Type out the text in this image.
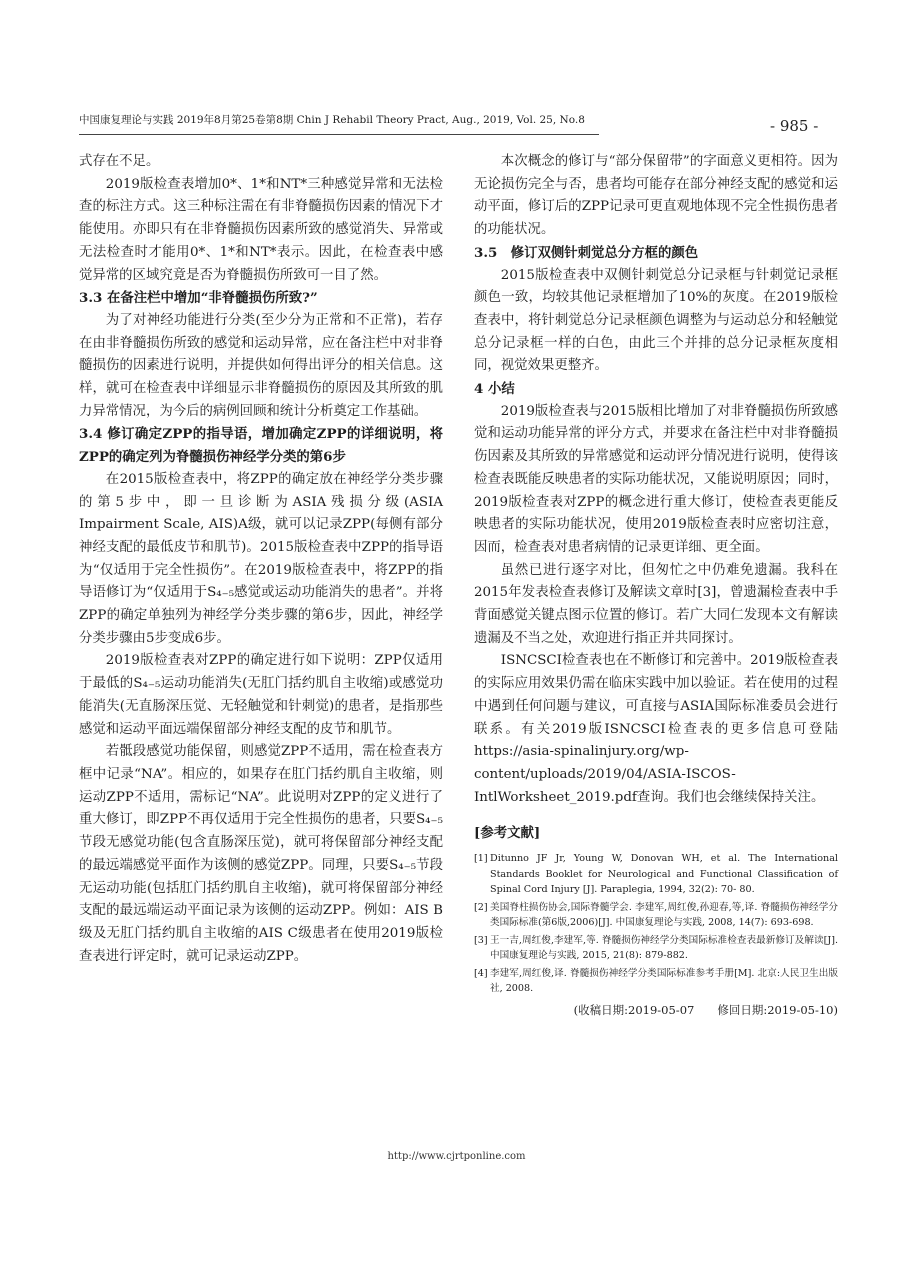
中国康复理论与实践 2019年8月第25卷第8期 Chin J Rehabil Theory Pract, Aug., 2019, Vol. 25, No.8	- 985 -

式存在不足。

2019版检查表增加0*、1*和NT*三种感觉异常和无法检查的标注方式。这三种标注需在有非脊髓损伤因素的情况下才能使用。亦即只有在非脊髓损伤因素所致的感觉消失、异常或无法检查时才能用0*、1*和NT*表示。因此，在检查表中感觉异常的区域究竟是否为脊髓损伤所致可一目了然。

3.3 在备注栏中增加“非脊髓损伤所致?”

为了对神经功能进行分类(至少分为正常和不正常)，若存在由非脊髓损伤所致的感觉和运动异常，应在备注栏中对非脊髓损伤的因素进行说明，并提供如何得出评分的相关信息。这样，就可在检查表中详细显示非脊髓损伤的原因及其所致的肌力异常情况，为今后的病例回顾和统计分析奠定工作基础。

3.4 修订确定ZPP的指导语，增加确定ZPP的详细说明，将ZPP的确定列为脊髓损伤神经学分类的第6步

在2015版检查表中，将ZPP的确定放在神经学分类步骤的第5步中，即一旦诊断为ASIA残损分级(ASIA Impairment Scale, AIS)A级，就可以记录ZPP(每侧有部分神经支配的最低皮节和肌节)。2015版检查表中ZPP的指导语为“仅适用于完全性损伤”。在2019版检查表中，将ZPP的指导语修订为“仅适用于S₄₋₅感觉或运动功能消失的患者”。并将ZPP的确定单独列为神经学分类步骤的第6步，因此，神经学分类步骤由5步变成6步。

2019版检查表对ZPP的确定进行如下说明：ZPP仅适用于最低的S₄₋₅运动功能消失(无肛门括约肌自主收缩)或感觉功能消失(无直肠深压觉、无轻触觉和针刺觉)的患者，是指那些感觉和运动平面远端保留部分神经支配的皮节和肌节。

若骶段感觉功能保留，则感觉ZPP不适用，需在检查表方框中记录“NA”。相应的，如果存在肛门括约肌自主收缩，则运动ZPP不适用，需标记“NA”。此说明对ZPP的定义进行了重大修订，即ZPP不再仅适用于完全性损伤的患者，只要S₄₋₅节段无感觉功能(包含直肠深压觉)，就可将保留部分神经支配的最远端感觉平面作为该侧的感觉ZPP。同理，只要S₄₋₅节段无运动功能(包括肛门括约肌自主收缩)，就可将保留部分神经支配的最远端运动平面记录为该侧的运动ZPP。例如：AIS B级及无肛门括约肌自主收缩的AIS C级患者在使用2019版检查表进行评定时，就可记录运动ZPP。

本次概念的修订与“部分保留带”的字面意义更相符。因为无论损伤完全与否，患者均可能存在部分神经支配的感觉和运动平面，修订后的ZPP记录可更直观地体现不完全性损伤患者的功能状况。

3.5　修订双侧针刺觉总分方框的颜色

2015版检查表中双侧针刺觉总分记录框与针刺觉记录框颜色一致，均较其他记录框增加了10%的灰度。在2019版检查表中，将针刺觉总分记录框颜色调整为与运动总分和轻触觉总分记录框一样的白色，由此三个并排的总分记录框灰度相同，视觉效果更整齐。

4 小结

2019版检查表与2015版相比增加了对非脊髓损伤所致感觉和运动功能异常的评分方式，并要求在备注栏中对非脊髓损伤因素及其所致的异常感觉和运动评分情况进行说明，使得该检查表既能反映患者的实际功能状况，又能说明原因；同时，2019版检查表对ZPP的概念进行重大修订，使检查表更能反映患者的实际功能状况，使用2019版检查表时应密切注意，因而，检查表对患者病情的记录更详细、更全面。

虽然已进行逐字对比，但匆忙之中仍难免遗漏。我科在2015年发表检查表修订及解读文章时[3]，曾遗漏检查表中手背面感觉关键点图示位置的修订。若广大同仁发现本文有解读遗漏及不当之处，欢迎进行指正并共同探讨。

ISNCSCI检查表也在不断修订和完善中。2019版检查表的实际应用效果仍需在临床实践中加以验证。若在使用的过程中遇到任何问题与建议，可直接与ASIA国际标准委员会进行联系。有关2019版ISNCSCI检查表的更多信息可登陆https://asia-spinalinjury.org/wp-content/uploads/2019/04/ASIA-ISCOS-IntlWorksheet_2019.pdf查询。我们也会继续保持关注。

[参考文献]
[1] Ditunno JF Jr, Young W, Donovan WH, et al. The International Standards Booklet for Neurological and Functional Classification of Spinal Cord Injury [J]. Paraplegia, 1994, 32(2): 70- 80.
[2] 美国脊柱损伤协会,国际脊髓学会. 李建军,周红俊,孙迎春,等,译. 脊髓损伤神经学分类国际标准(第6版,2006)[J]. 中国康复理论与实践, 2008, 14(7): 693-698.
[3] 王一吉,周红俊,李建军,等. 脊髓损伤神经学分类国际标准检查表最新修订及解读[J]. 中国康复理论与实践, 2015, 21(8): 879-882.
[4] 李建军,周红俊,译. 脊髓损伤神经学分类国际标准参考手册[M]. 北京:人民卫生出版社, 2008.
(收稿日期:2019-05-07　　修回日期:2019-05-10)
http://www.cjrtponline.com
